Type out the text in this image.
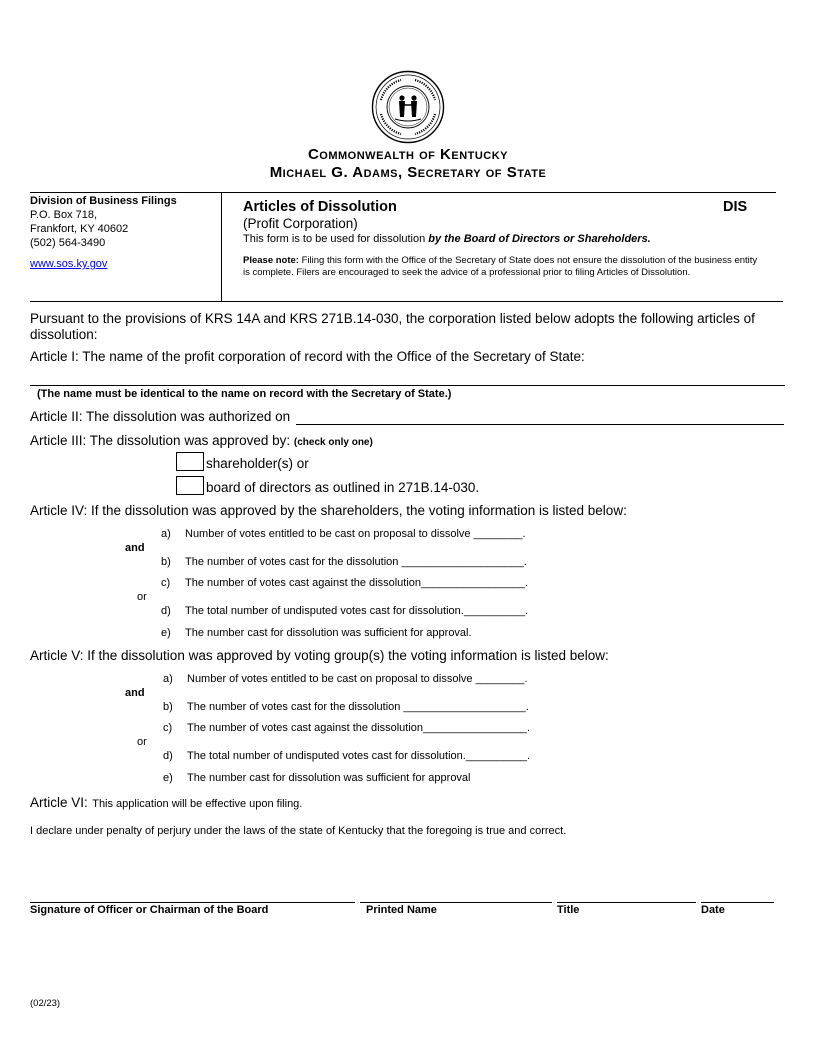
Commonwealth of Kentucky
Michael G. Adams, Secretary of State
Division of Business Filings
P.O. Box 718,
Frankfort, KY 40602
(502) 564-3490
www.sos.ky.gov
Articles of Dissolution	DIS
(Profit Corporation)
This form is to be used for dissolution by the Board of Directors or Shareholders.
Please note: Filing this form with the Office of the Secretary of State does not ensure the dissolution of the business entity is complete. Filers are encouraged to seek the advice of a professional prior to filing Articles of Dissolution.
Pursuant to the provisions of KRS 14A and KRS 271B.14-030, the corporation listed below adopts the following articles of dissolution:
Article I: The name of the profit corporation of record with the Office of the Secretary of State:
(The name must be identical to the name on record with the Secretary of State.)
Article II: The dissolution was authorized on
Article III: The dissolution was approved by: (check only one)
shareholder(s) or
board of directors as outlined in 271B.14-030.
Article IV: If the dissolution was approved by the shareholders, the voting information is listed below:
a) Number of votes entitled to be cast on proposal to dissolve ________.
and
b) The number of votes cast for the dissolution ____________________.
c) The number of votes cast against the dissolution_________________.
or
d) The total number of undisputed votes cast for dissolution.__________.
e) The number cast for dissolution was sufficient for approval.
Article V: If the dissolution was approved by voting group(s) the voting information is listed below:
a) Number of votes entitled to be cast on proposal to dissolve ________.
and
b) The number of votes cast for the dissolution ____________________.
c) The number of votes cast against the dissolution_________________.
or
d) The total number of undisputed votes cast for dissolution.__________.
e) The number cast for dissolution was sufficient for approval
Article VI: This application will be effective upon filing.
I declare under penalty of perjury under the laws of the state of Kentucky that the foregoing is true and correct.
Signature of Officer or Chairman of the Board	Printed Name	Title	Date
(02/23)
